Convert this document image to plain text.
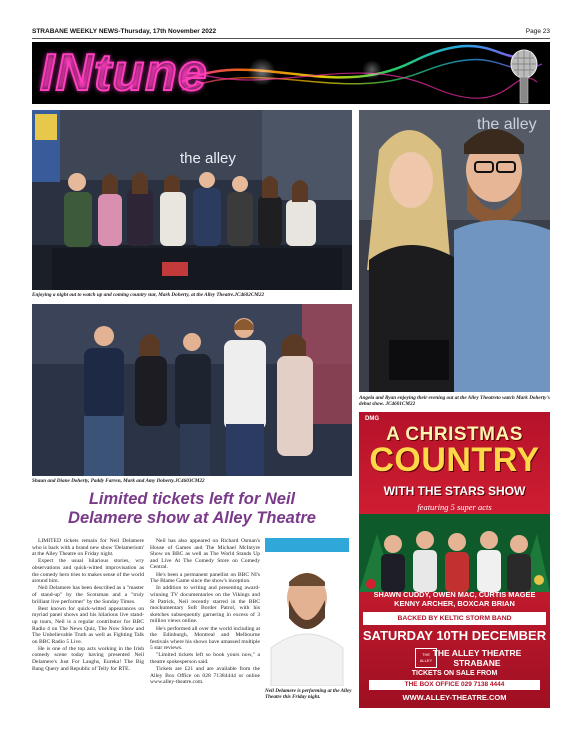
STRABANE WEEKLY NEWS-Thursday, 17th November 2022	Page 23
INtune
the alley
Enjoying a night out to watch up and coming country star, Mark Doherty, at the Alley Theatre.JC4602CM22
Shaun and Diane Doherty, Paddy Farren, Mark and Amy Doherty.JC4603CM22
the alley
Angela and Ryan enjoying their evening out at the Alley Theatreto watch Mark Doherty's debut show. JC4601CM22
Limited tickets left for Neil
Delamere show at Alley Theatre

LIMITED tickets remain for Neil Delamere who is back with a brand new show 'Delamerium' at the Alley Theatre on Friday night.

Expect the usual hilarious stories, wry observations and quick-witted improvisation as the comedy hero tries to makes sense of the world around him.

Neil Delamere has been described as a "master of stand-up" by the Scotsman and a "truly brilliant live performer" by the Sunday Times.

Best known for quick-witted appearances on myriad panel shows and his hilarious live stand-up tours, Neil is a regular contributor for BBC Radio 4 on The News Quiz, The Now Show and The Unbelievable Truth as well as Fighting Talk on BBC Radio 5 Live.

He is one of the top acts working in the Irish comedy scene today having presented Neil Delamere's Just For Laughs, Eureka! The Big Bang Query and Republic of Telly for RTE.

Neil has also appeared on Richard Osman's House of Games and The Michael McIntyre Show on BBC as well as The World Stands Up and Live At The Comedy Store on Comedy Central.

He's been a permanent panellist on BBC NI's The Blame Game since the show's inception.

In addition to writing and presenting award-winning TV documentaries on the Vikings and St Patrick, Neil recently starred in the BBC mockumentary Soft Border Patrol, with his sketches subsequently garnering in excess of 3 million views online.

He's performed all over the world including at the Edinburgh, Montreal and Melbourne festivals where his shows have amassed multiple 5 star reviews.

"Limited tickets left so book yours now," a theatre spokesperson said.

Tickets are £21 and are available from the Alley Box Office on 028 71384444 or online www.alley-theatre.com.

Neil Delamere is performing at the Alley Theatre this Friday night.
DMG
A CHRISTMAS
COUNTRY
WITH THE STARS SHOW
featuring 5 super acts
SHAWN CUDDY, OWEN MAC, CURTIS MAGEE
KENNY ARCHER, BOXCAR BRIAN
BACKED BY KELTIC STORM BAND
SATURDAY 10TH DECEMBER
THE ALLEY
THE ALLEY THEATRE
STRABANE
TICKETS ON SALE FROM
THE BOX OFFICE 029 7138 4444
WWW.ALLEY-THEATRE.COM
